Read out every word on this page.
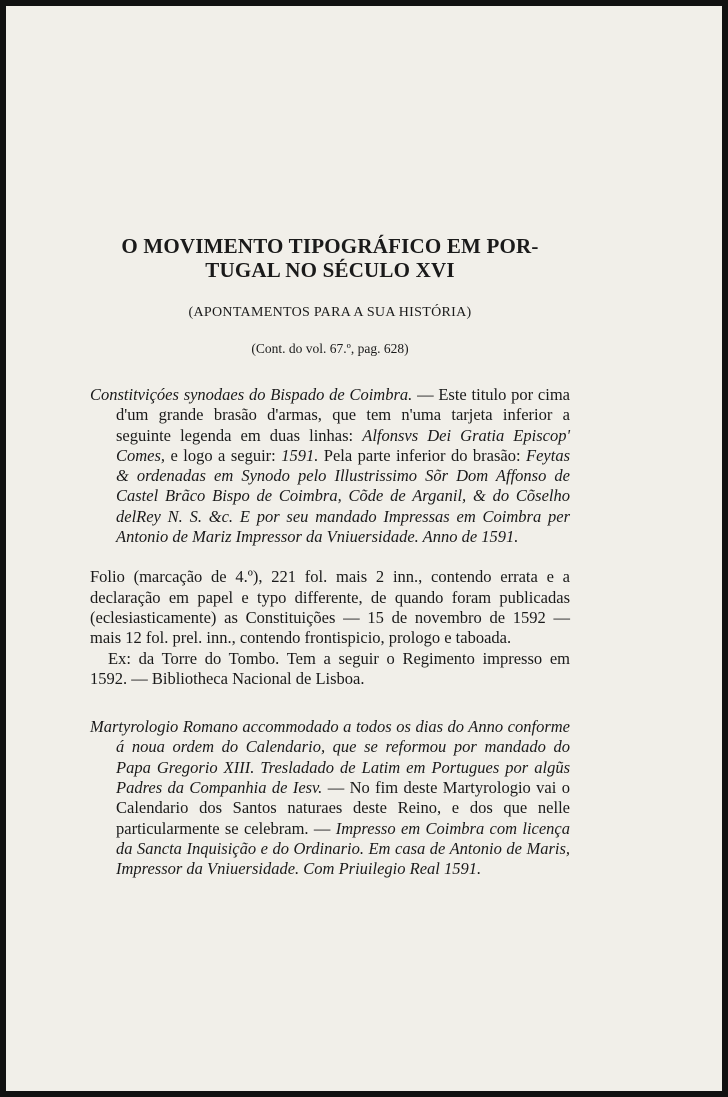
O MOVIMENTO TIPOGRÁFICO EM POR-
TUGAL NO SÉCULO XVI

(APONTAMENTOS PARA A SUA HISTÓRIA)

(Cont. do vol. 67.º, pag. 628)

Constitviçóes synodaes do Bispado de Coimbra. — Este titulo por cima d'um grande brasão d'armas, que tem n'uma tarjeta inferior a seguinte legenda em duas linhas: Alfonsvs Dei Gratia Episcop' Comes, e logo a seguir: 1591. Pela parte inferior do brasão: Feytas & ordenadas em Synodo pelo Illustrissimo Sõr Dom Affonso de Castel Brãco Bispo de Coimbra, Cõde de Arganil, & do Cõselho delRey N. S. &c. E por seu mandado Impressas em Coimbra per Antonio de Mariz Impressor da Vniuersidade. Anno de 1591.

Folio (marcação de 4.º), 221 fol. mais 2 inn., contendo errata e a declaração em papel e typo differente, de quando foram publicadas (eclesiasticamente) as Constituições — 15 de novembro de 1592 — mais 12 fol. prel. inn., contendo frontispicio, prologo e taboada.

Ex: da Torre do Tombo. Tem a seguir o Regimento impresso em 1592. — Bibliotheca Nacional de Lisboa.

Martyrologio Romano accommodado a todos os dias do Anno conforme á noua ordem do Calendario, que se reformou por mandado do Papa Gregorio XIII. Tresladado de Latim em Portugues por algũs Padres da Companhia de Iesv. — No fim deste Martyrologio vai o Calendario dos Santos naturaes deste Reino, e dos que nelle particularmente se celebram. — Impresso em Coimbra com licença da Sancta Inquisição e do Ordinario. Em casa de Antonio de Maris, Impressor da Vniuersidade. Com Priuilegio Real 1591.
